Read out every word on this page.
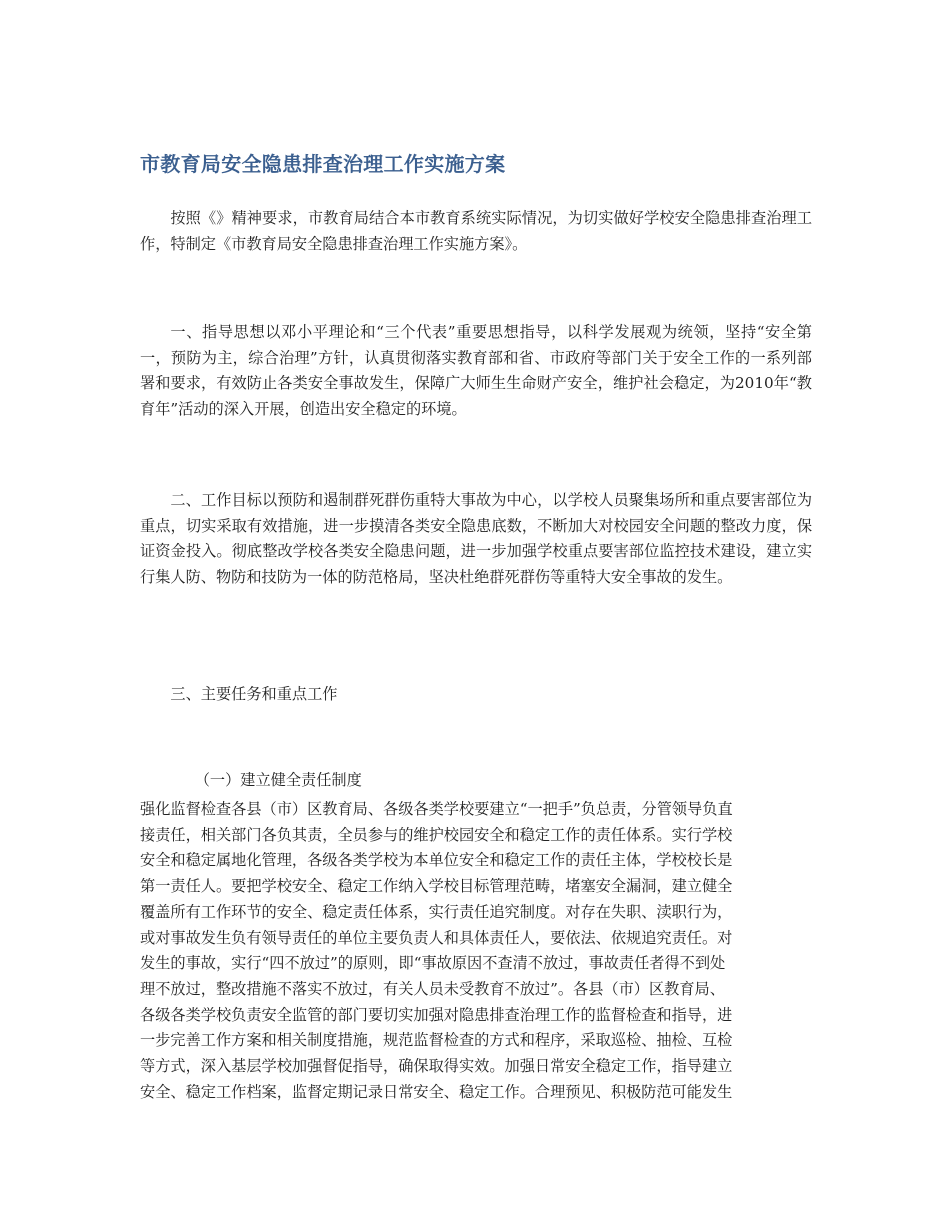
市教育局安全隐患排查治理工作实施方案

按照《》精神要求，市教育局结合本市教育系统实际情况，为切实做好学校安全隐患排查治理工作，特制定《市教育局安全隐患排查治理工作实施方案》。

一、指导思想以邓小平理论和“三个代表”重要思想指导，以科学发展观为统领，坚持“安全第一，预防为主，综合治理”方针，认真贯彻落实教育部和省、市政府等部门关于安全工作的一系列部署和要求，有效防止各类安全事故发生，保障广大师生生命财产安全，维护社会稳定，为2010年“教育年”活动的深入开展，创造出安全稳定的环境。

二、工作目标以预防和遏制群死群伤重特大事故为中心，以学校人员聚集场所和重点要害部位为重点，切实采取有效措施，进一步摸清各类安全隐患底数，不断加大对校园安全问题的整改力度，保证资金投入。彻底整改学校各类安全隐患问题，进一步加强学校重点要害部位监控技术建设，建立实行集人防、物防和技防为一体的防范格局，坚决杜绝群死群伤等重特大安全事故的发生。

三、主要任务和重点工作

（一）建立健全责任制度

强化监督检查各县（市）区教育局、各级各类学校要建立“一把手”负总责，分管领导负直
接责任，相关部门各负其责，全员参与的维护校园安全和稳定工作的责任体系。实行学校
安全和稳定属地化管理，各级各类学校为本单位安全和稳定工作的责任主体，学校校长是
第一责任人。要把学校安全、稳定工作纳入学校目标管理范畴，堵塞安全漏洞，建立健全
覆盖所有工作环节的安全、稳定责任体系，实行责任追究制度。对存在失职、渎职行为，
或对事故发生负有领导责任的单位主要负责人和具体责任人，要依法、依规追究责任。对
发生的事故，实行“四不放过”的原则，即“事故原因不查清不放过，事故责任者得不到处
理不放过，整改措施不落实不放过，有关人员未受教育不放过”。各县（市）区教育局、
各级各类学校负责安全监管的部门要切实加强对隐患排查治理工作的监督检查和指导，进
一步完善工作方案和相关制度措施，规范监督检查的方式和程序，采取巡检、抽检、互检
等方式，深入基层学校加强督促指导，确保取得实效。加强日常安全稳定工作，指导建立
安全、稳定工作档案，监督定期记录日常安全、稳定工作。合理预见、积极防范可能发生
